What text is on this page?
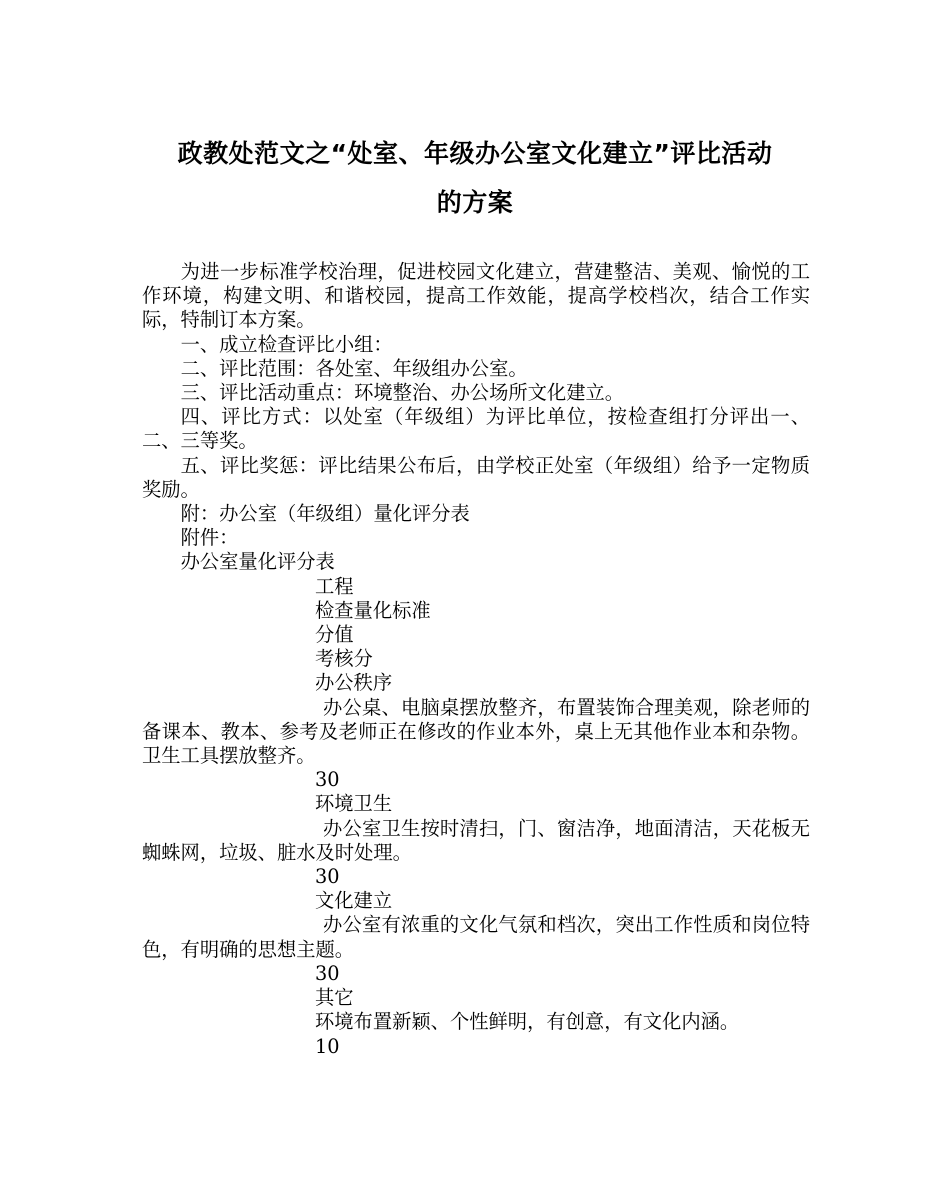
政教处范文之“处室、年级办公室文化建立”评比活动
的方案

为进一步标准学校治理，促进校园文化建立，营建整洁、美观、愉悦的工作环境，构建文明、和谐校园，提高工作效能，提高学校档次，结合工作实际，特制订本方案。

一、成立检查评比小组：

二、评比范围：各处室、年级组办公室。

三、评比活动重点：环境整治、办公场所文化建立。

四、评比方式：以处室（年级组）为评比单位，按检查组打分评出一、二、三等奖。

五、评比奖惩：评比结果公布后，由学校正处室（年级组）给予一定物质奖励。

附：办公室（年级组）量化评分表

附件：

办公室量化评分表

工程

检查量化标准

分值

考核分

办公秩序

办公桌、电脑桌摆放整齐，布置装饰合理美观，除老师的备课本、教本、参考及老师正在修改的作业本外，桌上无其他作业本和杂物。卫生工具摆放整齐。

30

环境卫生

办公室卫生按时清扫，门、窗洁净，地面清洁，天花板无蜘蛛网，垃圾、脏水及时处理。

30

文化建立

办公室有浓重的文化气氛和档次，突出工作性质和岗位特色，有明确的思想主题。

30

其它

环境布置新颖、个性鲜明，有创意，有文化内涵。

10
